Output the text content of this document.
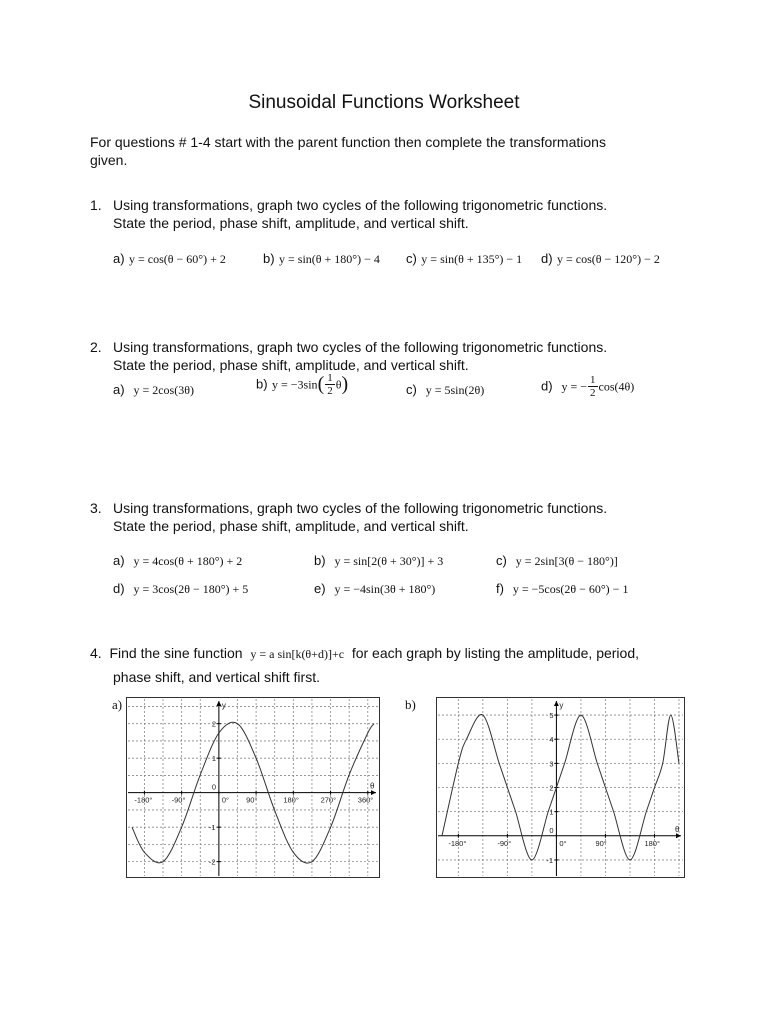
Sinusoidal Functions Worksheet
For questions # 1-4 start with the parent function then complete the transformations
given.
1. Using transformations, graph two cycles of the following trigonometric functions.
State the period, phase shift, amplitude, and vertical shift.
a) y = cos(θ − 60°) + 2	b) y = sin(θ + 180°) − 4 c) y = sin(θ + 135°) − 1 d) y = cos(θ − 120°) − 2
2. Using transformations, graph two cycles of the following trigonometric functions.
State the period, phase shift, amplitude, and vertical shift.
a) y = 2cos(3θ)	b) $y = -3\sin( \frac{1}{2} \theta)$	c) y = 5sin(2θ)	d) y = − $\frac{1}{2} \cos(4\theta)$
3. Using transformations, graph two cycles of the following trigonometric functions.
State the period, phase shift, amplitude, and vertical shift.
a) y = 4cos(θ + 180°) + 2	b) y = sin[2(θ + 30°)] + 3	c) y = 2sin[3(θ − 180°)]
d) y = 3cos(2θ − 180°) + 5	e) y = −4sin(3θ + 180°)	f) y = −5cos(2θ − 60°) − 1
4. Find the sine function y = a sin[k(θ+d)]+c for each graph by listing the amplitude, period,
phase shift, and vertical shift first.
a)
θ
y
-180°	-90°	0° 90°	180°	270°	360°
2
1
0
-1
-2
b)
θ
y
-180°	-90°	0°	90°	180°
5
4
3
2
1
0
-1
